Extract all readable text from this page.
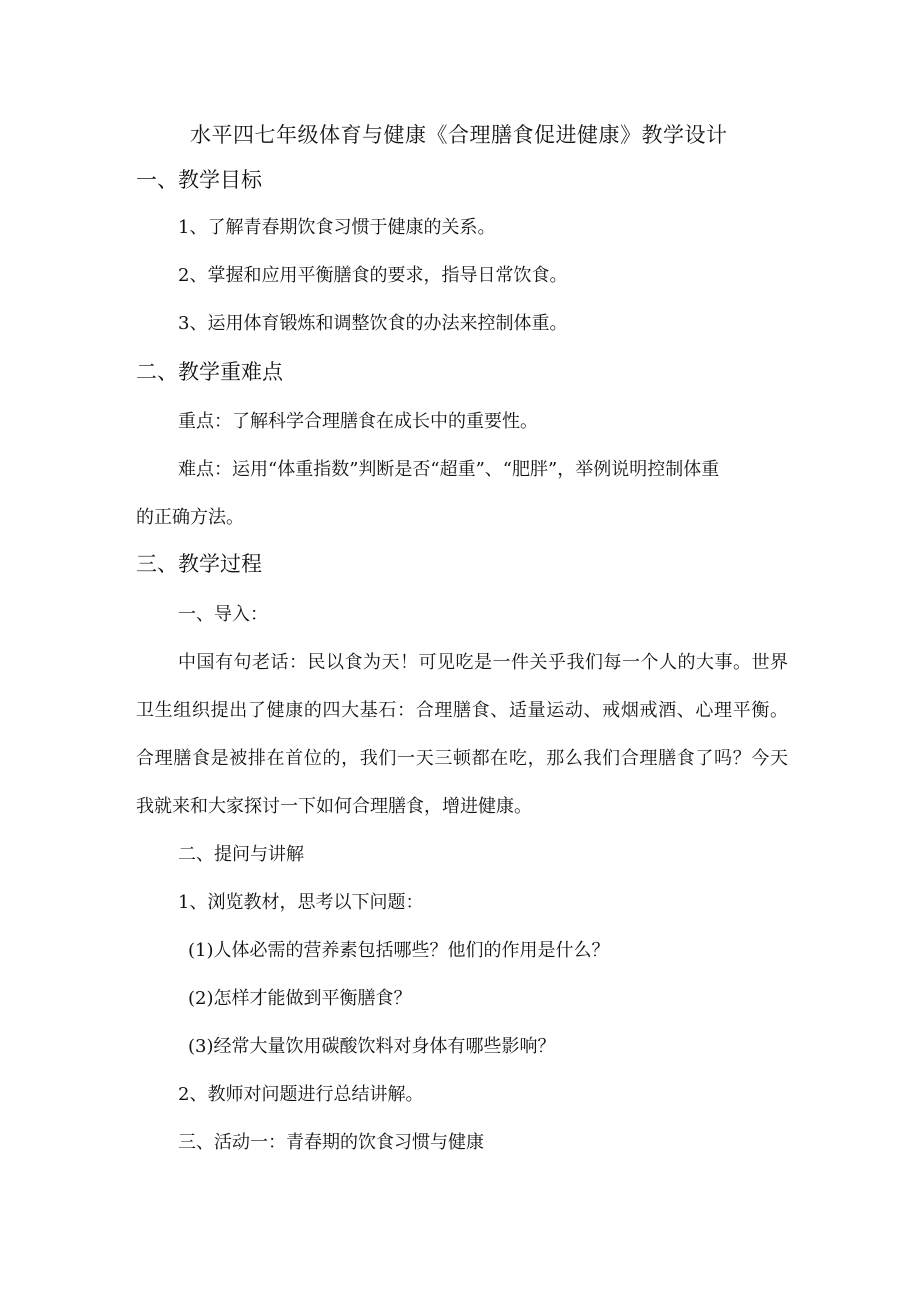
水平四七年级体育与健康《合理膳食促进健康》教学设计
一、教学目标
1、了解青春期饮食习惯于健康的关系。
2、掌握和应用平衡膳食的要求，指导日常饮食。
3、运用体育锻炼和调整饮食的办法来控制体重。
二、教学重难点
重点：了解科学合理膳食在成长中的重要性。
难点：运用“体重指数”判断是否“超重”、“肥胖”，举例说明控制体重
的正确方法。
三、教学过程
一、导入：
中国有句老话：民以食为天！可见吃是一件关乎我们每一个人的大事。世界
卫生组织提出了健康的四大基石：合理膳食、适量运动、戒烟戒酒、心理平衡。
合理膳食是被排在首位的，我们一天三顿都在吃，那么我们合理膳食了吗？今天
我就来和大家探讨一下如何合理膳食，增进健康。
二、提问与讲解
1、浏览教材，思考以下问题：
(1)人体必需的营养素包括哪些？他们的作用是什么？
(2)怎样才能做到平衡膳食？
(3)经常大量饮用碳酸饮料对身体有哪些影响？
2、教师对问题进行总结讲解。
三、活动一：青春期的饮食习惯与健康
